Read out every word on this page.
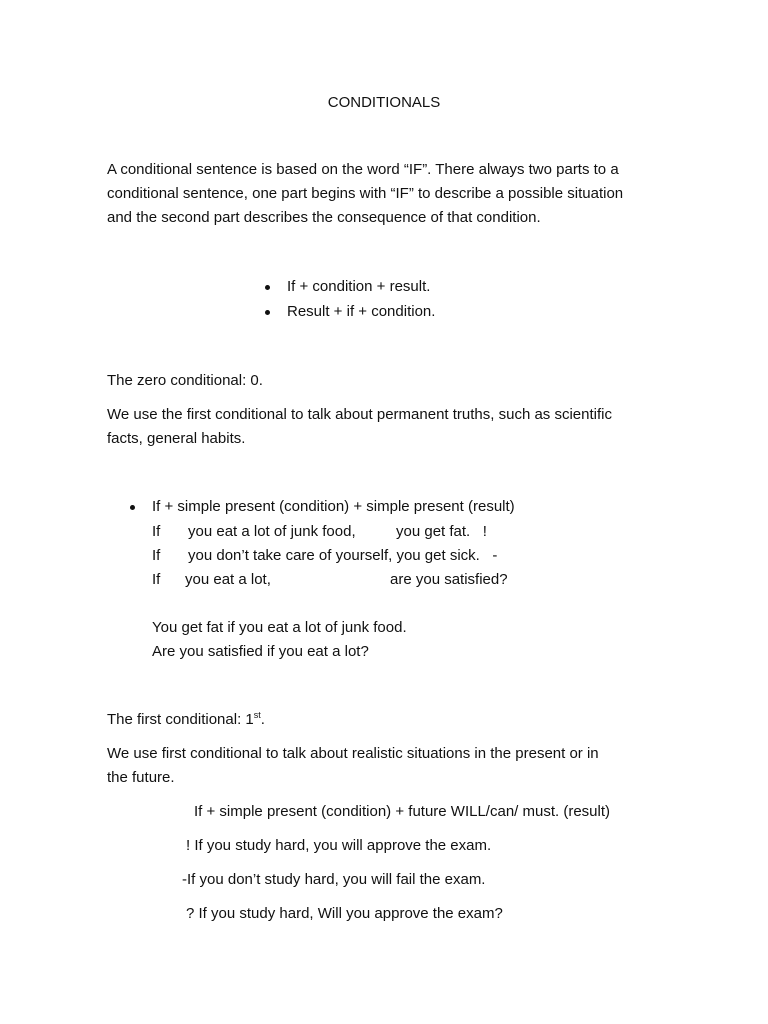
CONDITIONALS
A conditional sentence is based on the word “IF”. There always two parts to a
conditional sentence, one part begins with “IF” to describe a possible situation
and the second part describes the consequence of that condition.
If + condition + result.
Result + if + condition.
The zero conditional: 0.
We use the first conditional to talk about permanent truths, such as scientific
facts, general habits.
If + simple present (condition) + simple present (result)
If you eat a lot of junk food,	you get fat.   !
If you don’t take care of yourself, you get sick.   -
If you eat a lot,	are you satisfied?
You get fat if you eat a lot of junk food.
Are you satisfied if you eat a lot?
The first conditional: 1st.
We use first conditional to talk about realistic situations in the present or in
the future.
If + simple present (condition) + future WILL/can/ must. (result)
! If you study hard, you will approve the exam.
-If you don’t study hard, you will fail the exam.
? If you study hard, Will you approve the exam?
